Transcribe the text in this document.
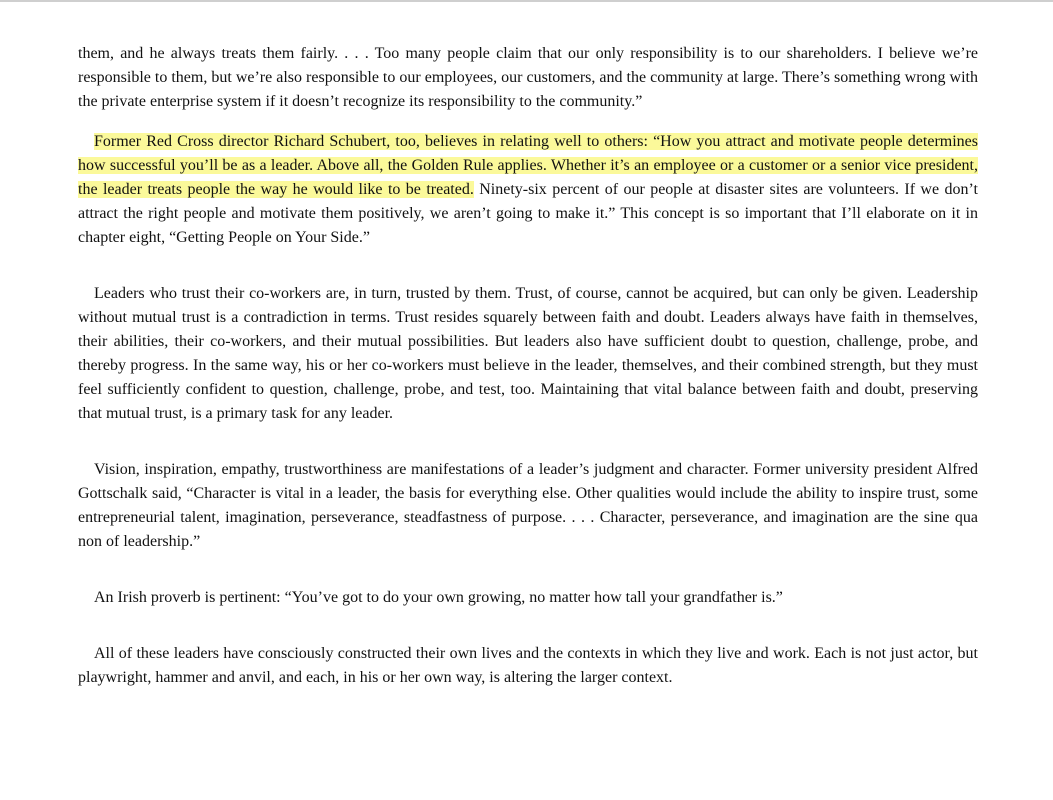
them, and he always treats them fairly. . . . Too many people claim that our only responsibility is to our shareholders. I believe we’re responsible to them, but we’re also responsible to our employees, our customers, and the community at large. There’s something wrong with the private enterprise system if it doesn’t recognize its responsibility to the community.”

Former Red Cross director Richard Schubert, too, believes in relating well to others: “How you attract and motivate people determines how successful you’ll be as a leader. Above all, the Golden Rule applies. Whether it’s an employee or a customer or a senior vice president, the leader treats people the way he would like to be treated. Ninety-six percent of our people at disaster sites are volunteers. If we don’t attract the right people and motivate them positively, we aren’t going to make it.” This concept is so important that I’ll elaborate on it in chapter eight, “Getting People on Your Side.”

Leaders who trust their co-workers are, in turn, trusted by them. Trust, of course, cannot be acquired, but can only be given. Leadership without mutual trust is a contradiction in terms. Trust resides squarely between faith and doubt. Leaders always have faith in themselves, their abilities, their co-workers, and their mutual possibilities. But leaders also have sufficient doubt to question, challenge, probe, and thereby progress. In the same way, his or her co-workers must believe in the leader, themselves, and their combined strength, but they must feel sufficiently confident to question, challenge, probe, and test, too. Maintaining that vital balance between faith and doubt, preserving that mutual trust, is a primary task for any leader.

Vision, inspiration, empathy, trustworthiness are manifestations of a leader’s judgment and character. Former university president Alfred Gottschalk said, “Character is vital in a leader, the basis for everything else. Other qualities would include the ability to inspire trust, some entrepreneurial talent, imagination, perseverance, steadfastness of purpose. . . . Character, perseverance, and imagination are the sine qua non of leadership.”

An Irish proverb is pertinent: “You’ve got to do your own growing, no matter how tall your grandfather is.”

All of these leaders have consciously constructed their own lives and the contexts in which they live and work. Each is not just actor, but playwright, hammer and anvil, and each, in his or her own way, is altering the larger context.
